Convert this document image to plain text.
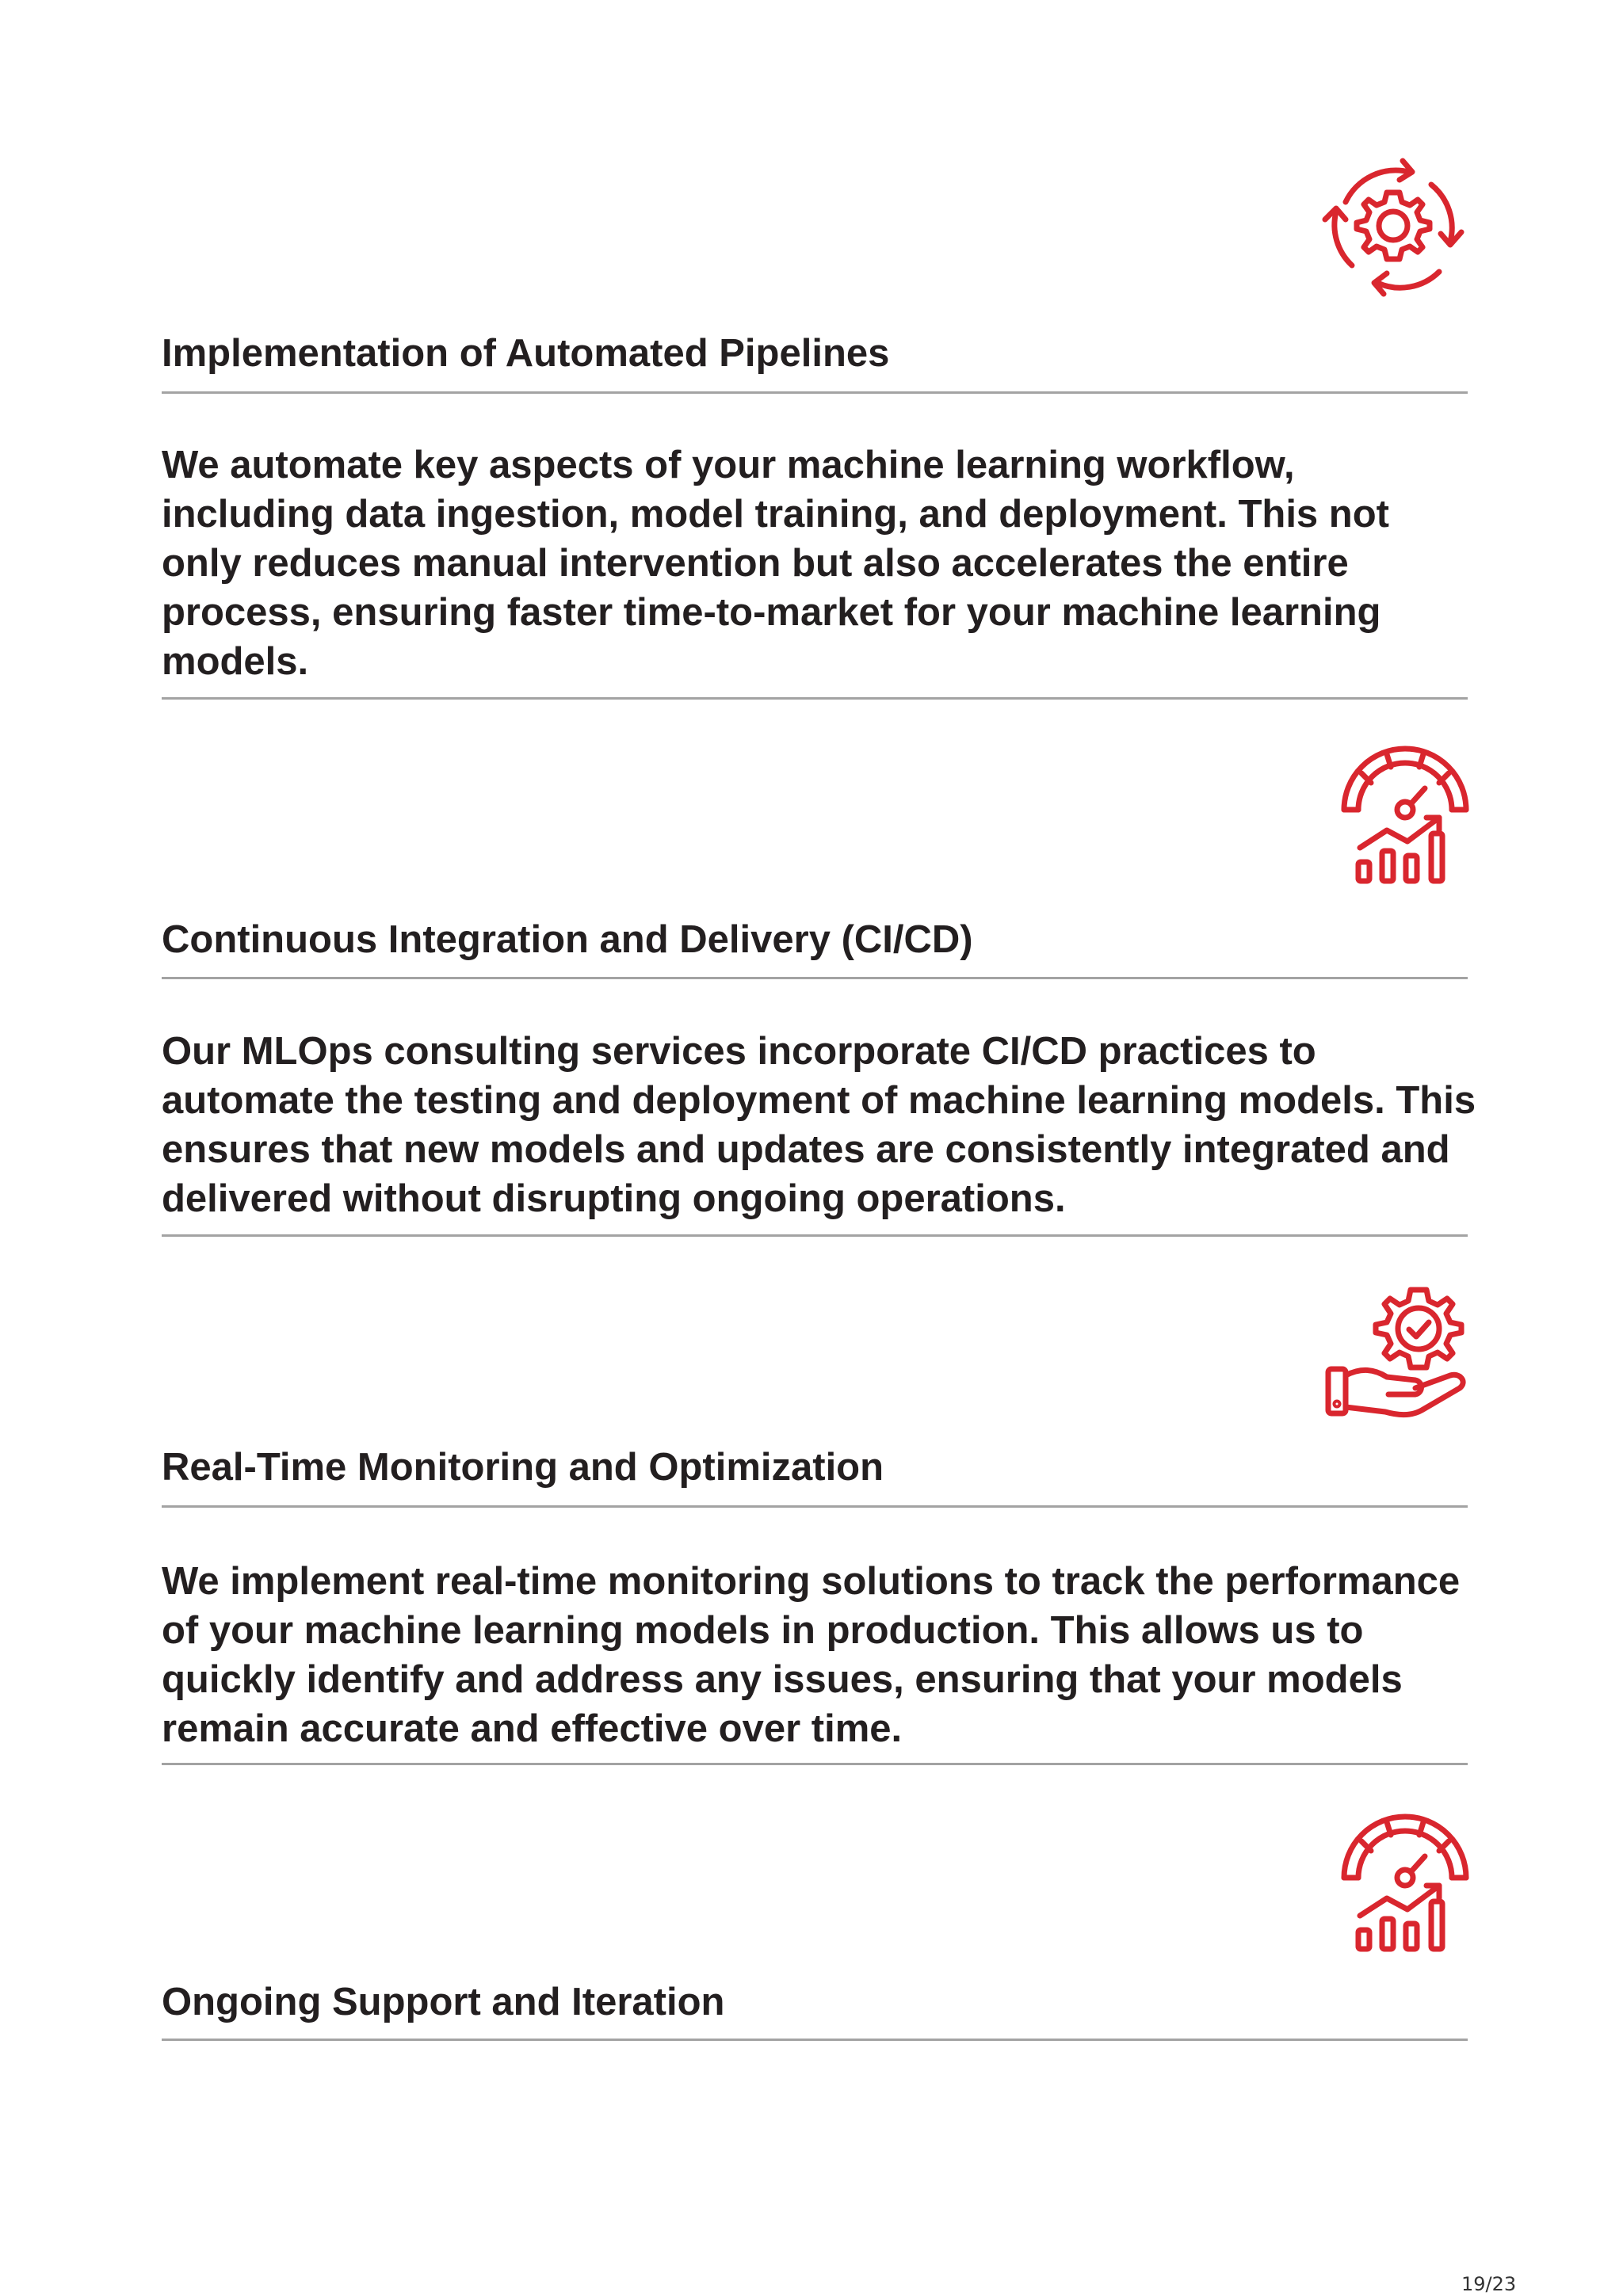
Implementation of Automated Pipelines

We automate key aspects of your machine learning workflow, including data ingestion, model training, and deployment. This not only reduces manual intervention but also accelerates the entire process, ensuring faster time-to-market for your machine learning models.

Continuous Integration and Delivery (CI/CD)

Our MLOps consulting services incorporate CI/CD practices to automate the testing and deployment of machine learning models. This ensures that new models and updates are consistently integrated and delivered without disrupting ongoing operations.

Real-Time Monitoring and Optimization

We implement real-time monitoring solutions to track the performance of your machine learning models in production. This allows us to quickly identify and address any issues, ensuring that your models remain accurate and effective over time.

Ongoing Support and Iteration
19/23
